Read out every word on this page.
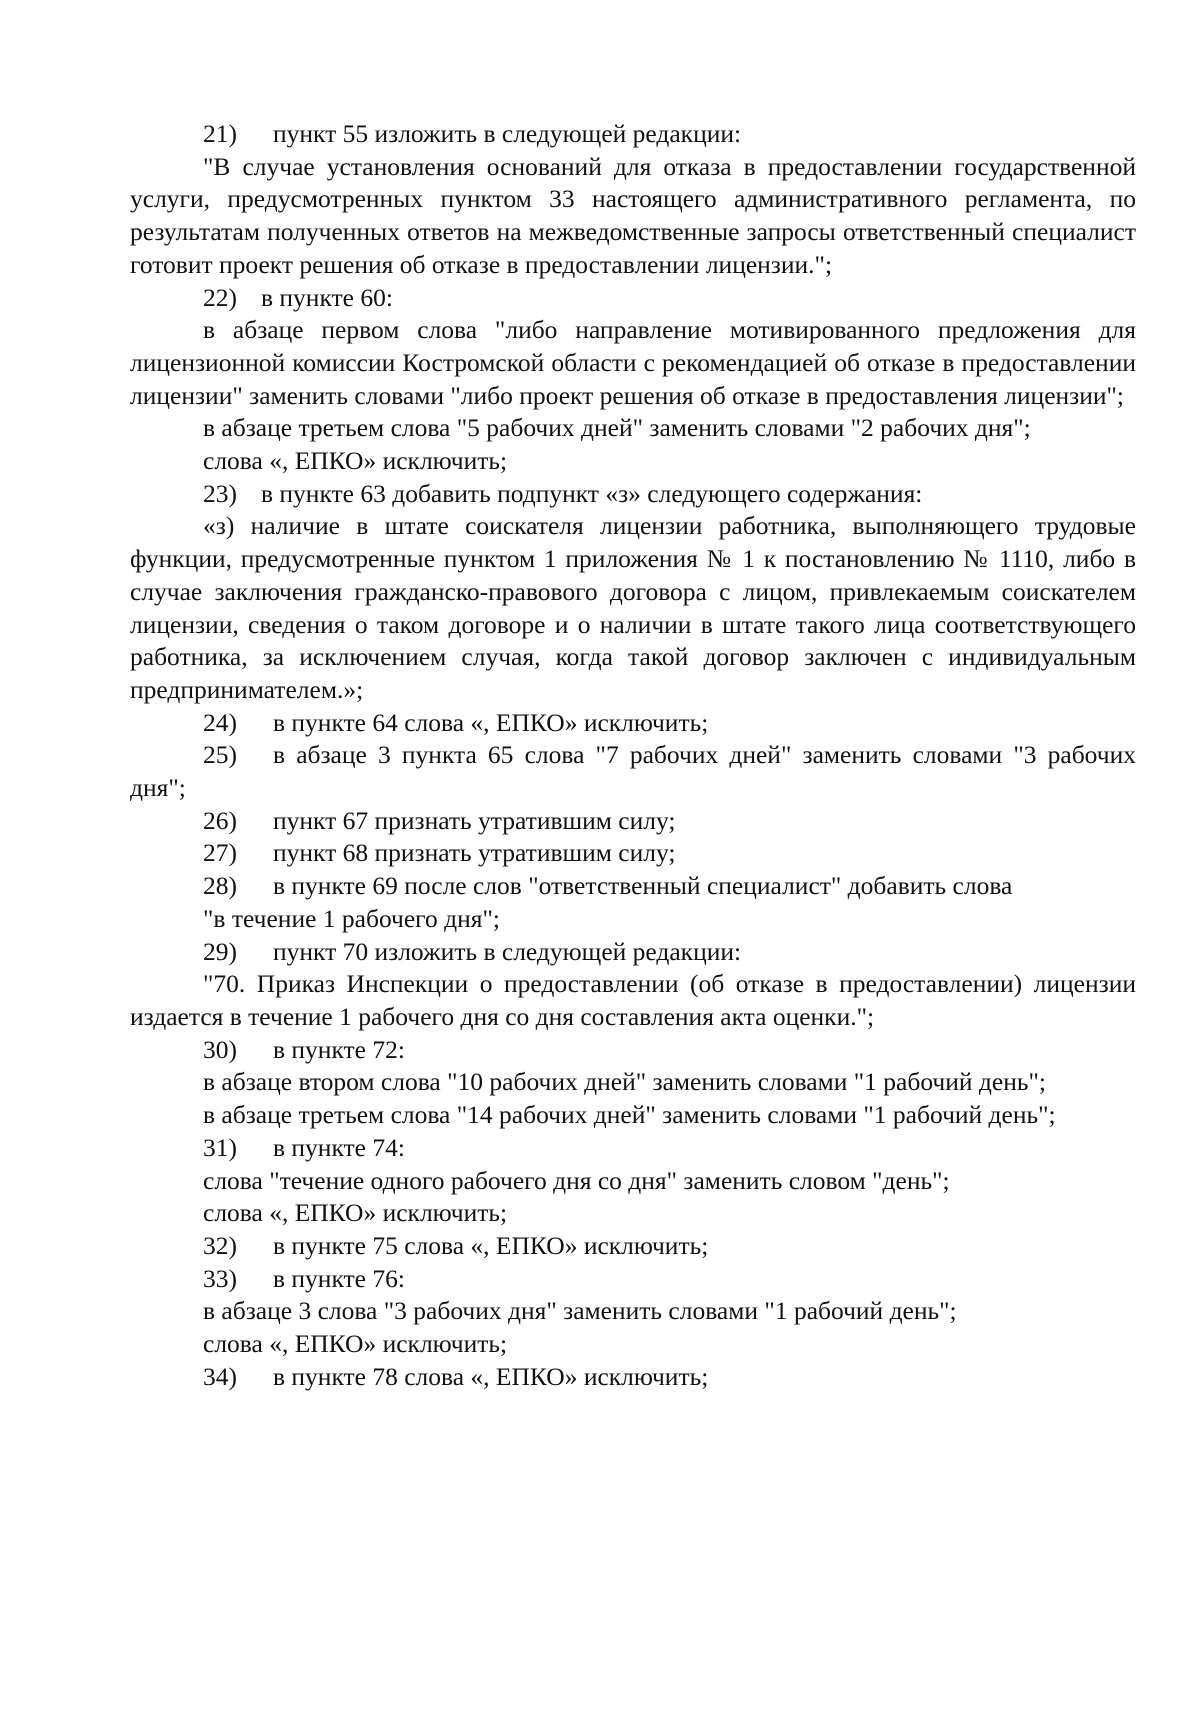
21) пункт 55 изложить в следующей редакции:

"В случае установления оснований для отказа в предоставлении государственной услуги, предусмотренных пунктом 33 настоящего административного регламента, по результатам полученных ответов на межведомственные запросы ответственный специалист готовит проект решения об отказе в предоставлении лицензии.";

22) в пункте 60:

в абзаце первом слова "либо направление мотивированного предложения для лицензионной комиссии Костромской области с рекомендацией об отказе в предоставлении лицензии" заменить словами "либо проект решения об отказе в предоставления лицензии";

в абзаце третьем слова "5 рабочих дней" заменить словами "2 рабочих дня";

слова «, ЕПКО» исключить;

23) в пункте 63 добавить подпункт «з» следующего содержания:

«з) наличие в штате соискателя лицензии работника, выполняющего трудовые функции, предусмотренные пунктом 1 приложения № 1 к постановлению № 1110, либо в случае заключения гражданско-правового договора с лицом, привлекаемым соискателем лицензии, сведения о таком договоре и о наличии в штате такого лица соответствующего работника, за исключением случая, когда такой договор заключен с индивидуальным предпринимателем.»;

24) в пункте 64 слова «, ЕПКО» исключить;

25) в абзаце 3 пункта 65 слова "7 рабочих дней" заменить словами "3 рабочих дня";

26) пункт 67 признать утратившим силу;

27) пункт 68 признать утратившим силу;

28) в пункте 69 после слов "ответственный специалист" добавить слова

"в течение 1 рабочего дня";

29) пункт 70 изложить в следующей редакции:

"70. Приказ Инспекции о предоставлении (об отказе в предоставлении) лицензии издается в течение 1 рабочего дня со дня составления акта оценки.";

30) в пункте 72:

в абзаце втором слова "10 рабочих дней" заменить словами "1 рабочий день";

в абзаце третьем слова "14 рабочих дней" заменить словами "1 рабочий день";

31) в пункте 74:

слова "течение одного рабочего дня со дня" заменить словом "день";

слова «, ЕПКО» исключить;

32) в пункте 75 слова «, ЕПКО» исключить;

33) в пункте 76:

в абзаце 3 слова "3 рабочих дня" заменить словами "1 рабочий день";

слова «, ЕПКО» исключить;

34) в пункте 78 слова «, ЕПКО» исключить;
